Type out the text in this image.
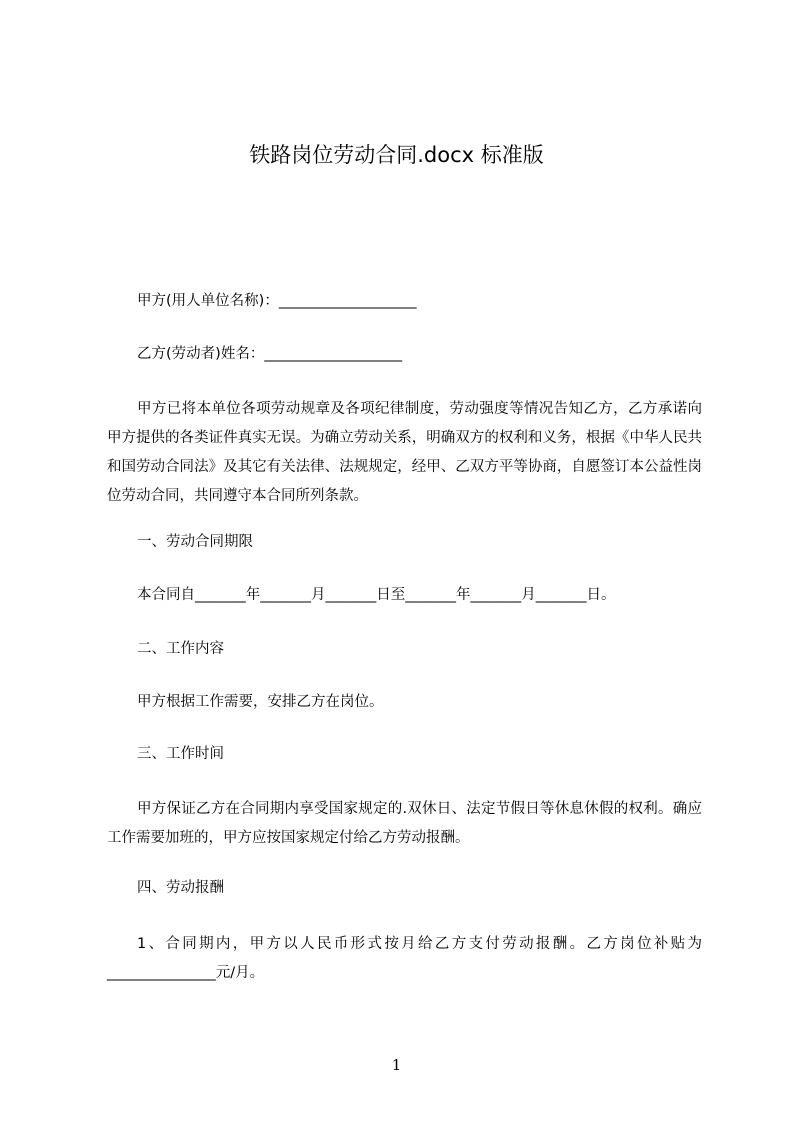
铁路岗位劳动合同.docx 标准版
甲方(用人单位名称)：___________________
乙方(劳动者)姓名：___________________
甲方已将本单位各项劳动规章及各项纪律制度，劳动强度等情况告知乙方，乙方承诺向甲方提供的各类证件真实无误。为确立劳动关系，明确双方的权利和义务，根据《中华人民共和国劳动合同法》及其它有关法律、法规规定，经甲、乙双方平等协商，自愿签订本公益性岗位劳动合同，共同遵守本合同所列条款。
一、劳动合同期限
本合同自_______年_______月_______日至_______年_______月_______日。
二、工作内容
甲方根据工作需要，安排乙方在岗位。
三、工作时间
甲方保证乙方在合同期内享受国家规定的.双休日、法定节假日等休息休假的权利。确应工作需要加班的，甲方应按国家规定付给乙方劳动报酬。
四、劳动报酬
1、合同期内，甲方以人民币形式按月给乙方支付劳动报酬。乙方岗位补贴为_______________元/月。
1
